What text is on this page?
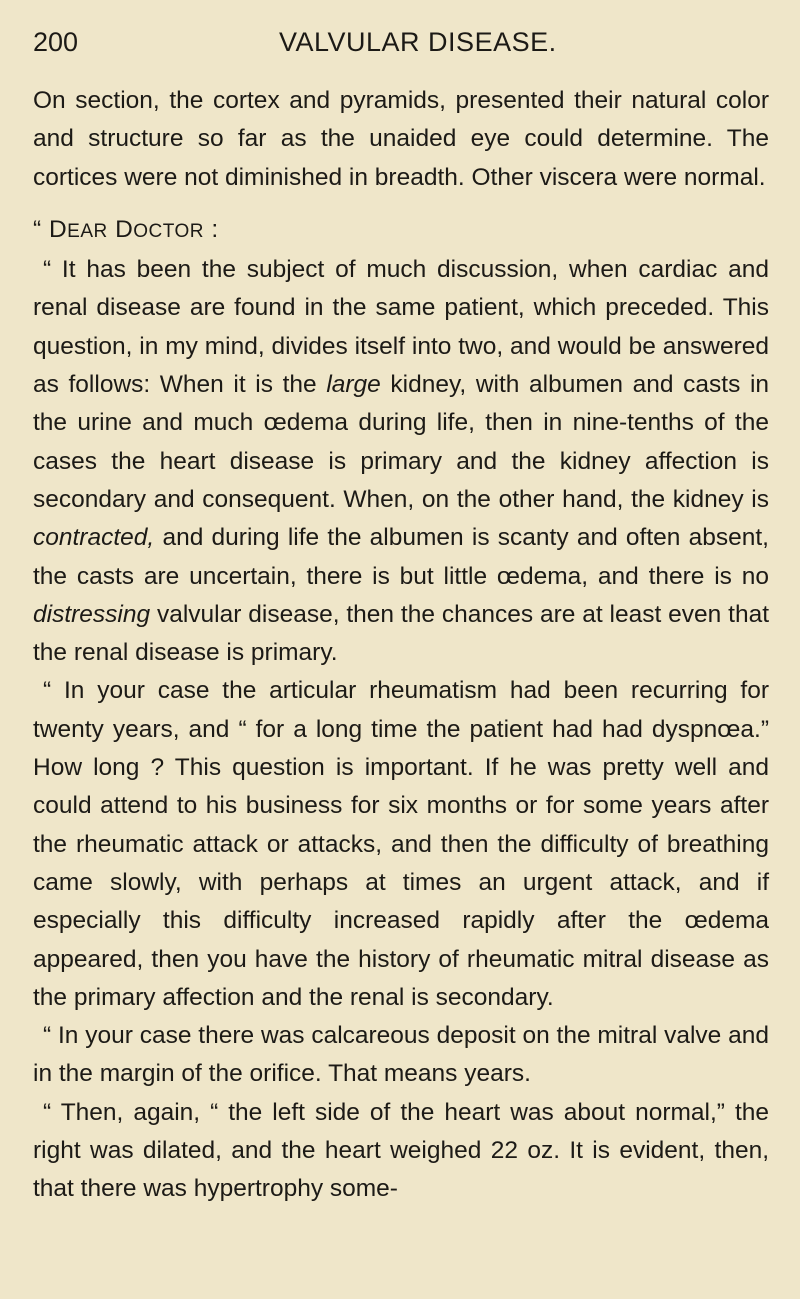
200	VALVULAR DISEASE.

On section, the cortex and pyramids, presented their natural color and structure so far as the unaided eye could determine. The cortices were not diminished in breadth. Other viscera were normal.

“ DEAR DOCTOR :

“ It has been the subject of much discussion, when cardiac and renal disease are found in the same patient, which preceded. This question, in my mind, divides itself into two, and would be answered as follows: When it is the large kidney, with albumen and casts in the urine and much œdema during life, then in nine-tenths of the cases the heart disease is primary and the kidney affection is secondary and consequent. When, on the other hand, the kidney is contracted, and during life the albumen is scanty and often absent, the casts are uncertain, there is but little œdema, and there is no distressing valvular disease, then the chances are at least even that the renal disease is primary.

“ In your case the articular rheumatism had been recurring for twenty years, and “ for a long time the patient had had dyspnœa.” How long ? This question is important. If he was pretty well and could attend to his business for six months or for some years after the rheumatic attack or attacks, and then the difficulty of breathing came slowly, with perhaps at times an urgent attack, and if especially this difficulty increased rapidly after the œdema appeared, then you have the history of rheumatic mitral disease as the primary affection and the renal is secondary.

“ In your case there was calcareous deposit on the mitral valve and in the margin of the orifice. That means years.

“ Then, again, “ the left side of the heart was about normal,” the right was dilated, and the heart weighed 22 oz. It is evident, then, that there was hypertrophy some-
